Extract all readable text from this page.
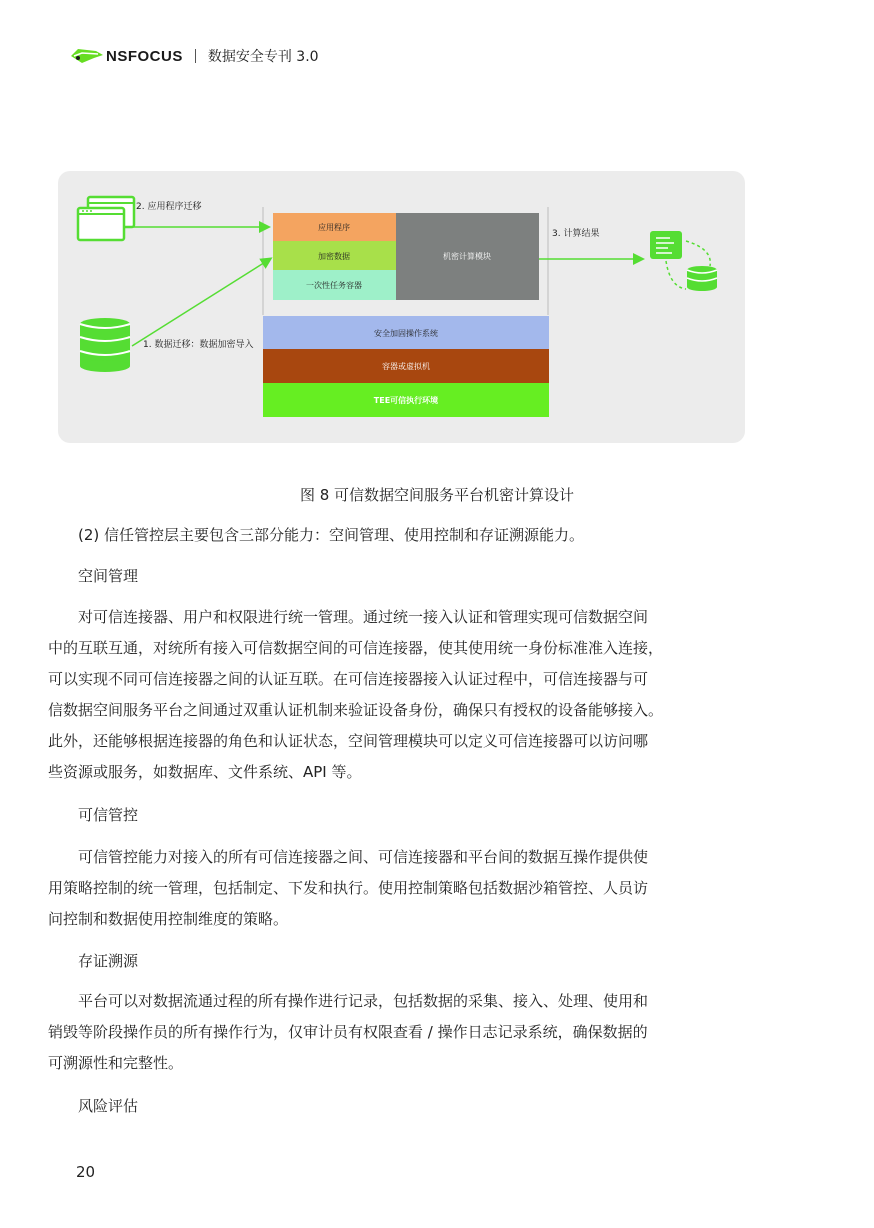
NSFOCUS 数据安全专刊 3.0
2. 应用程序迁移
1. 数据迁移：数据加密导入
3. 计算结果
应用程序
加密数据
一次性任务容器
机密计算模块
安全加固操作系统
容器或虚拟机
TEE可信执行环境
图 8 可信数据空间服务平台机密计算设计
(2) 信任管控层主要包含三部分能力：空间管理、使用控制和存证溯源能力。
空间管理
对可信连接器、用户和权限进行统一管理。通过统一接入认证和管理实现可信数据空间
中的互联互通，对统所有接入可信数据空间的可信连接器，使其使用统一身份标准准入连接，
可以实现不同可信连接器之间的认证互联。在可信连接器接入认证过程中，可信连接器与可
信数据空间服务平台之间通过双重认证机制来验证设备身份，确保只有授权的设备能够接入。
此外，还能够根据连接器的角色和认证状态，空间管理模块可以定义可信连接器可以访问哪
些资源或服务，如数据库、文件系统、API 等。
可信管控
可信管控能力对接入的所有可信连接器之间、可信连接器和平台间的数据互操作提供使
用策略控制的统一管理，包括制定、下发和执行。使用控制策略包括数据沙箱管控、人员访
问控制和数据使用控制维度的策略。
存证溯源
平台可以对数据流通过程的所有操作进行记录，包括数据的采集、接入、处理、使用和
销毁等阶段操作员的所有操作行为，仅审计员有权限查看 / 操作日志记录系统，确保数据的
可溯源性和完整性。
风险评估
20
